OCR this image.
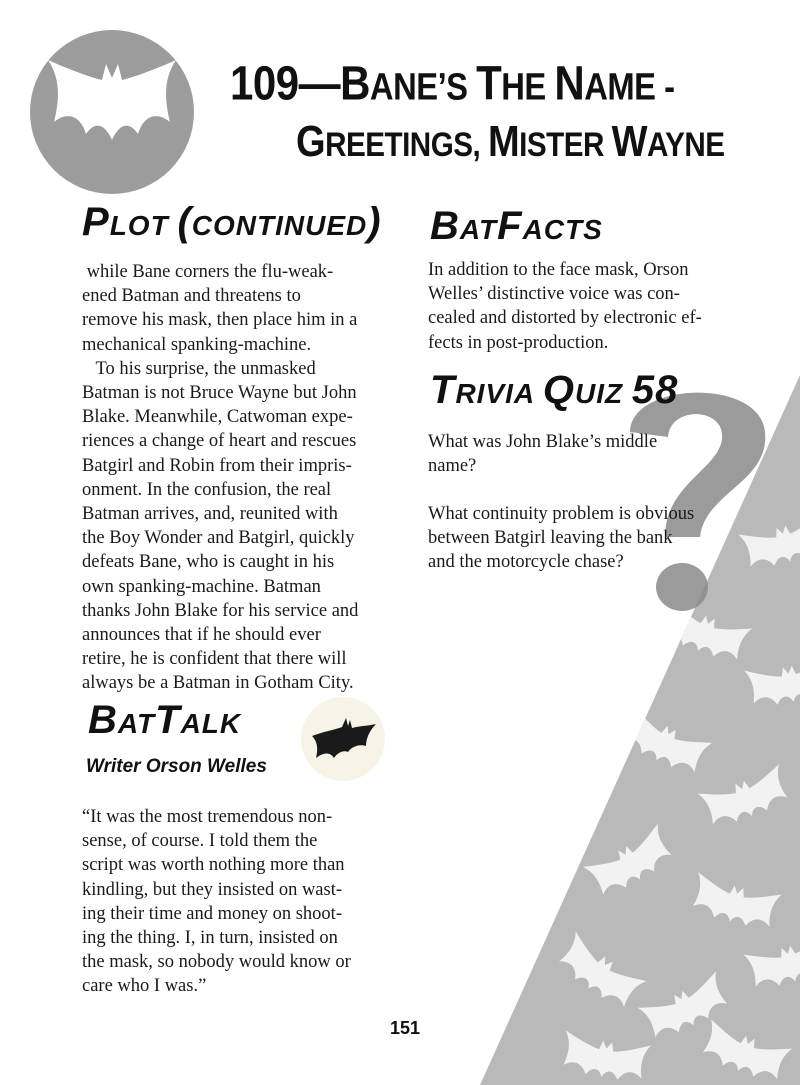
109—BANE’S THE NAME -
GREETINGS, MISTER WAYNE
PLOT (CONTINUED)

while Bane corners the flu-weak-

ened Batman and threatens to

remove his mask, then place him in a

mechanical spanking-machine.

To his surprise, the unmasked

Batman is not Bruce Wayne but John

Blake. Meanwhile, Catwoman expe-

riences a change of heart and rescues

Batgirl and Robin from their impris-

onment. In the confusion, the real

Batman arrives, and, reunited with

the Boy Wonder and Batgirl, quickly

defeats Bane, who is caught in his

own spanking-machine. Batman

thanks John Blake for his service and

announces that if he should ever

retire, he is confident that there will

always be a Batman in Gotham City.

BATFACTS

In addition to the face mask, Orson

Welles’ distinctive voice was con-

cealed and distorted by electronic ef-

fects in post-production.

TRIVIA QUIZ 58

What was John Blake’s middle

name?

What continuity problem is obvious

between Batgirl leaving the bank

and the motorcycle chase?

BATTALK

Writer Orson Welles

“It was the most tremendous non-

sense, of course. I told them the

script was worth nothing more than

kindling, but they insisted on wast-

ing their time and money on shoot-

ing the thing. I, in turn, insisted on

the mask, so nobody would know or

care who I was.”

151
